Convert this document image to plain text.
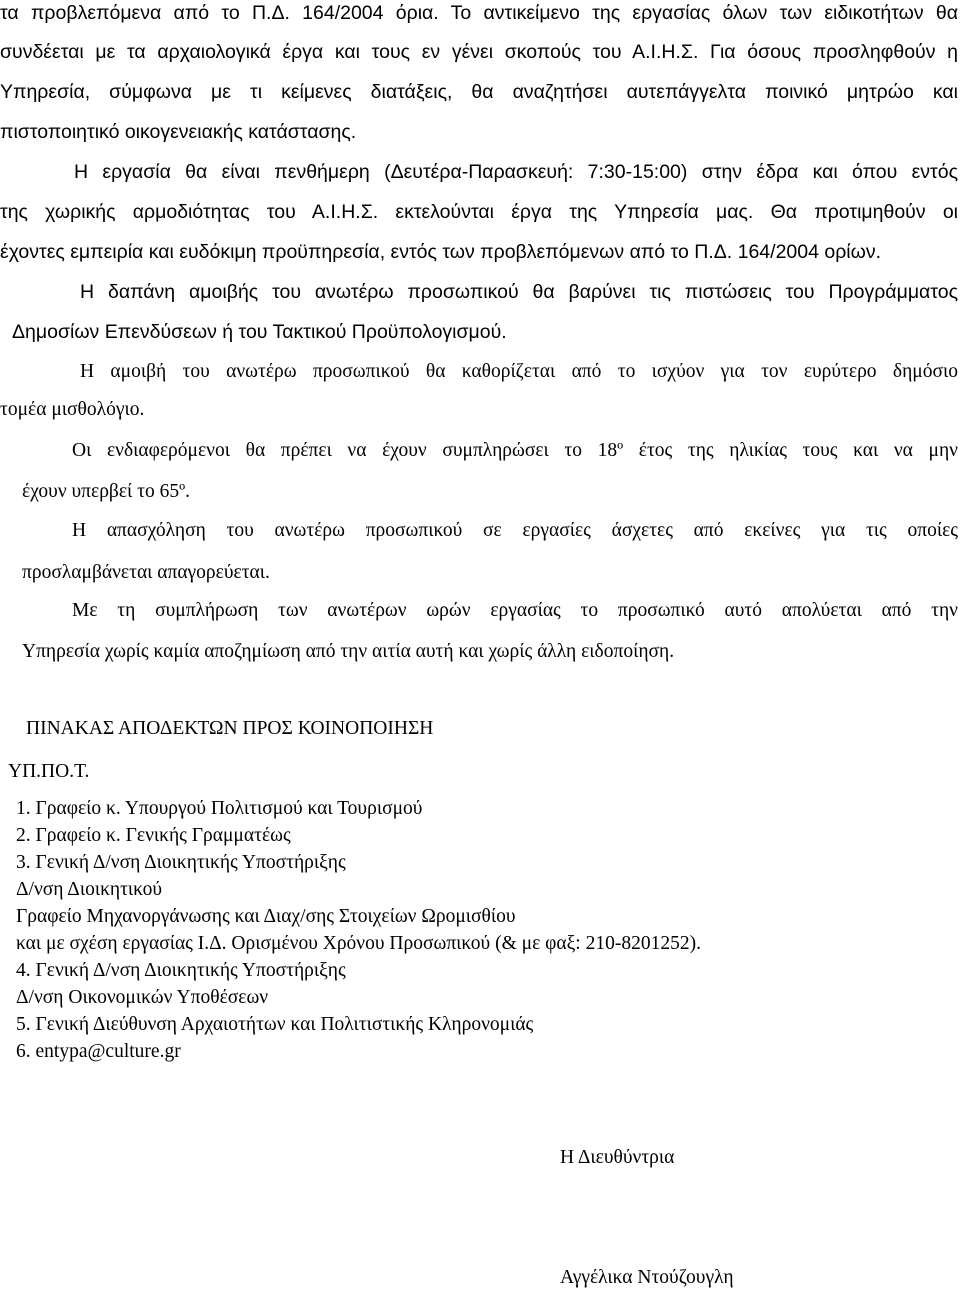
τα προβλεπόμενα από το Π.Δ. 164/2004 όρια. Το αντικείμενο της εργασίας όλων των ειδικοτήτων θα
συνδέεται με τα αρχαιολογικά έργα και τους εν γένει σκοπούς του Α.Ι.Η.Σ. Για όσους προσληφθούν η
Υπηρεσία, σύμφωνα με τι κείμενες διατάξεις, θα αναζητήσει αυτεπάγγελτα ποινικό μητρώο και
πιστοποιητικό οικογενειακής κατάστασης.
Η εργασία θα είναι πενθήμερη (Δευτέρα-Παρασκευή: 7:30-15:00) στην έδρα και όπου εντός
της χωρικής αρμοδιότητας του Α.Ι.Η.Σ. εκτελούνται έργα της Υπηρεσία μας. Θα προτιμηθούν οι
έχοντες εμπειρία και ευδόκιμη προϋπηρεσία, εντός των προβλεπόμενων από το Π.Δ. 164/2004 ορίων.
Η δαπάνη αμοιβής του ανωτέρω προσωπικού θα βαρύνει τις πιστώσεις του Προγράμματος
Δημοσίων Επενδύσεων ή του Τακτικού Προϋπολογισμού.
Η αμοιβή του ανωτέρω προσωπικού θα καθορίζεται από το ισχύον για τον ευρύτερο δημόσιο
τομέα μισθολόγιο.
Οι ενδιαφερόμενοι θα πρέπει να έχουν συμπληρώσει το 18º έτος της ηλικίας τους και να μην
έχουν υπερβεί το 65º.
Η απασχόληση του ανωτέρω προσωπικού σε εργασίες άσχετες από εκείνες για τις οποίες
προσλαμβάνεται απαγορεύεται.
Με τη συμπλήρωση των ανωτέρων ωρών εργασίας το προσωπικό αυτό απολύεται από την
Υπηρεσία χωρίς καμία αποζημίωση από την αιτία αυτή και χωρίς άλλη ειδοποίηση.
ΠΙΝΑΚΑΣ ΑΠΟΔΕΚΤΩΝ ΠΡΟΣ ΚΟΙΝΟΠΟΙΗΣΗ
ΥΠ.ΠΟ.Τ.
1. Γραφείο κ. Υπουργού Πολιτισμού και Τουρισμού
2. Γραφείο κ. Γενικής Γραμματέως
3. Γενική Δ/νση Διοικητικής Υποστήριξης
Δ/νση Διοικητικού
Γραφείο Μηχανοργάνωσης και Διαχ/σης Στοιχείων Ωρομισθίου
και με σχέση εργασίας Ι.Δ. Ορισμένου Χρόνου Προσωπικού (& με φαξ: 210-8201252).
4. Γενική Δ/νση Διοικητικής Υποστήριξης
Δ/νση Οικονομικών Υποθέσεων
5. Γενική Διεύθυνση Αρχαιοτήτων και Πολιτιστικής Κληρονομιάς
6. entypa@culture.gr
Η Διευθύντρια
Αγγέλικα Ντούζουγλη
